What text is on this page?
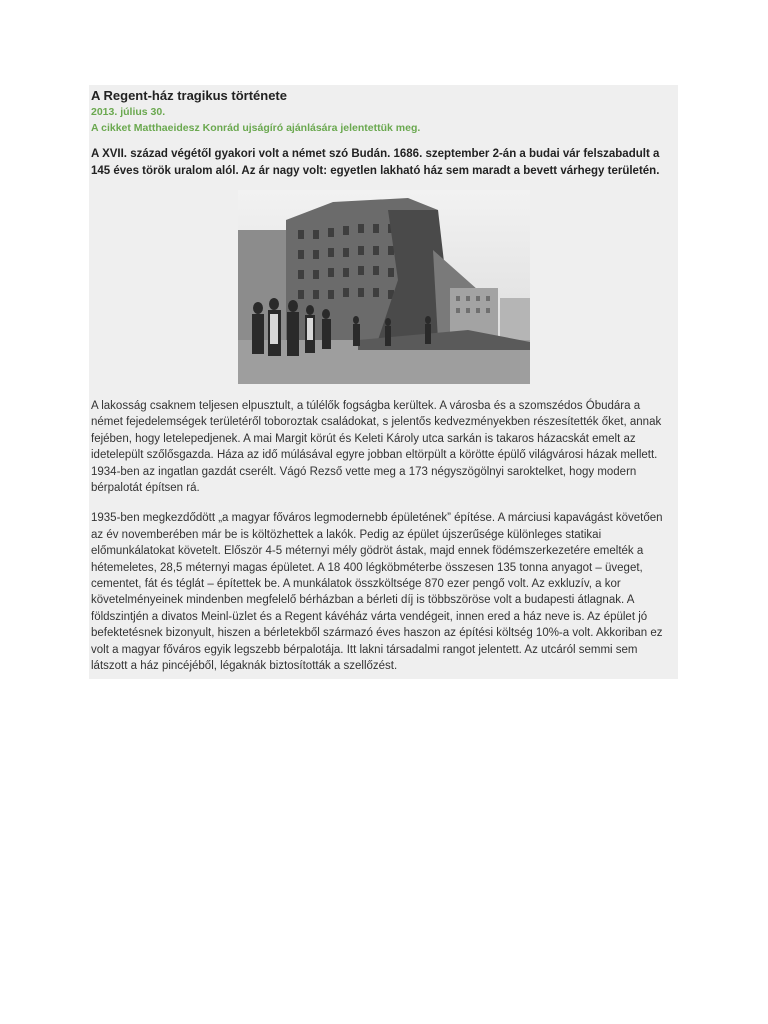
A Regent-ház tragikus története

2013. július 30.

A cikket Matthaeidesz Konrád ujságíró ajánlására jelentettük meg.

A XVII. század végétől gyakori volt a német szó Budán. 1686. szeptember 2-án a budai vár felszabadult a 145 éves török uralom alól. Az ár nagy volt: egyetlen lakható ház sem maradt a bevett várhegy területén.

A lakosság csaknem teljesen elpusztult, a túlélők fogságba kerültek. A városba és a szomszédos Óbudára a német fejedelemségek területéről toboroztak családokat, s jelentős kedvezményekben részesítették őket, annak fejében, hogy letelepedjenek. A mai Margit körút és Keleti Károly utca sarkán is takaros házacskát emelt az idetelepült szőlősgazda. Háza az idő múlásával egyre jobban eltörpült a körötte épülő világvárosi házak mellett. 1934-ben az ingatlan gazdát cserélt. Vágó Rezső vette meg a 173 négyszögölnyi saroktelket, hogy modern bérpalotát építsen rá.

1935-ben megkezdődött „a magyar főváros legmodernebb épületének” építése. A márciusi kapavágást követően az év novemberében már be is költözhettek a lakók. Pedig az épület újszerűsége különleges statikai előmunkálatokat követelt. Először 4-5 méternyi mély gödröt ástak, majd ennek födémszerkezetére emelték a hétemeletes, 28,5 méternyi magas épületet. A 18 400 légköbméterbe összesen 135 tonna anyagot – üveget, cementet, fát és téglát – építettek be. A munkálatok összköltsége 870 ezer pengő volt. Az exkluzív, a kor követelményeinek mindenben megfelelő bérházban a bérleti díj is többszöröse volt a budapesti átlagnak. A földszintjén a divatos Meinl-üzlet és a Regent kávéház várta vendégeit, innen ered a ház neve is. Az épület jó befektetésnek bizonyult, hiszen a bérletekből származó éves haszon az építési költség 10%-a volt. Akkoriban ez volt a magyar főváros egyik legszebb bérpalotája. Itt lakni társadalmi rangot jelentett. Az utcáról semmi sem látszott a ház pincéjéből, légaknák biztosították a szellőzést.
